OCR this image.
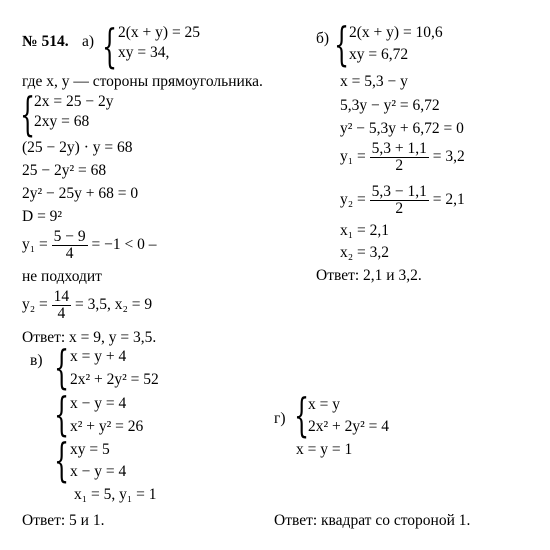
№ 514. а) { 2(x + y) = 25
xy = 34,
где x, y — стороны прямоугольника.
{
2x = 25 − 2y
2xy = 68
(25 − 2y) · y = 68
25 − 2y² = 68
2y² − 25y + 68 = 0
D = 9²
$y_1 = \frac{5 - 9}{4} = -1 < 0$ –
не подходит
$y_2 = \frac{14}{4} = 3,5$, x₂ = 9
Ответ: x = 9, y = 3,5.
б) { 2(x + y) = 10,6
xy = 6,72
x = 5,3 − y
5,3y − y² = 6,72
y² − 5,3y + 6,72 = 0
$y_1 = \frac{5,3 + 1,1}{2} = 3,2$
$y_2 = \frac{5,3 - 1,1}{2} = 2,1$
x₁ = 2,1
x₂ = 3,2
Ответ: 2,1 и 3,2.
в) { x = y + 4
2x² + 2y² = 52
{ x − y = 4
x² + y² = 26
{ xy = 5
x − y = 4
x₁ = 5, y₁ = 1
Ответ: 5 и 1.
г) {
x = y
2x² + 2y² = 4
x = y = 1
Ответ: квадрат со стороной 1.
